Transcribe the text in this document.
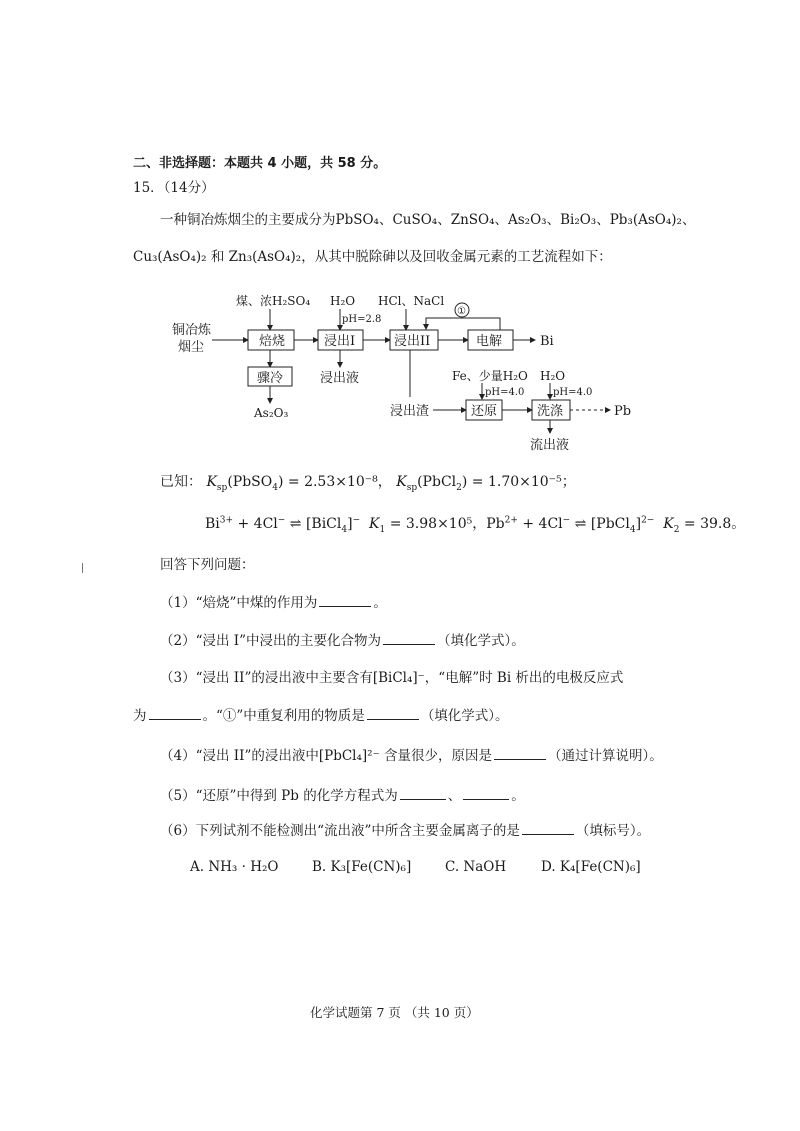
二、非选择题：本题共 4 小题，共 58 分。
15．（14分）
一种铜冶炼烟尘的主要成分为PbSO₄、CuSO₄、ZnSO₄、As₂O₃、Bi₂O₃、Pb₃(AsO₄)₂、
Cu₃(AsO₄)₂ 和 Zn₃(AsO₄)₂，从其中脱除砷以及回收金属元素的工艺流程如下：
铜冶炼
烟尘
煤、浓H₂SO₄
焙烧
骤冷
As₂O₃
H₂O
pH=2.8
浸出I
浸出液
HCl、NaCl
①
浸出II	电解	Bi
Fe、少量H₂O
pH=4.0
H₂O
pH=4.0
浸出渣	还原	洗涤	Pb
流出液
已知： $K_{sp}(PbSO_4) = 2.53\times 10^{-8}$， $K_{sp}(PbCl_2) = 1.70\times 10^{-5}$；
$Bi^{3+} + 4Cl^-$ ⇌ [BiCl$_4$]− $K_1 = 3.98\times 10^5$，$Pb^{2+} + 4Cl^-$ ⇌ [PbCl$_4$]$^{2-}$ $K_2 = 39.8$。
回答下列问题：
（1）“焙烧”中煤的作用为	。
（2）“浸出 I”中浸出的主要化合物为	（填化学式）。
（3）“浸出 II”的浸出液中主要含有[BiCl₄]⁻，“电解”时 Bi 析出的电极反应式
为	。“①”中重复利用的物质是	（填化学式）。
（4）“浸出 II”的浸出液中[PbCl₄]²⁻ 含量很少，原因是	（通过计算说明）。
（5）“还原”中得到 Pb 的化学方程式为	、	。
（6）下列试剂不能检测出“流出液”中所含主要金属离子的是	（填标号）。
A. NH₃ · H₂O B. K₃[Fe(CN)₆]	C. NaOH	D. K₄[Fe(CN)₆]
化学试题第 7 页 （共 10 页）
